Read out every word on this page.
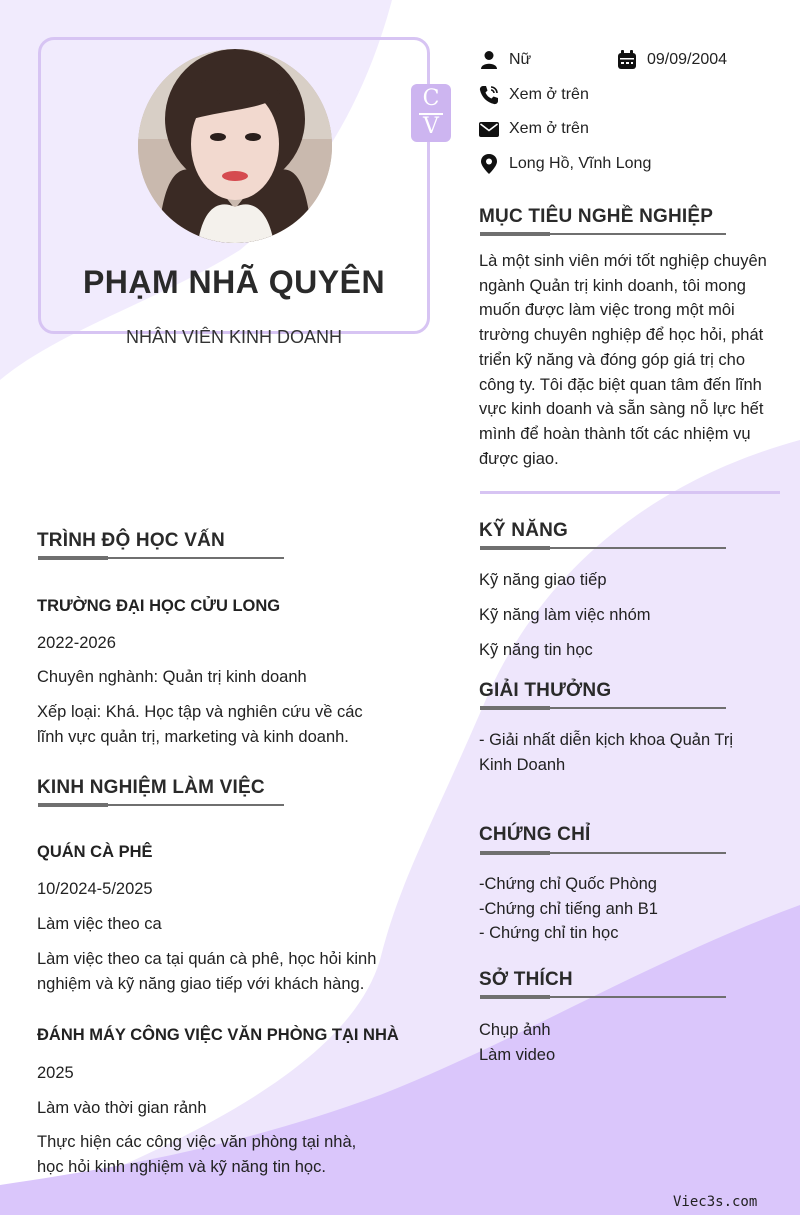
PHẠM NHÃ QUYÊN
NHÂN VIÊN KINH DOANH
C
V
Nữ	09/09/2004
Xem ở trên
Xem ở trên
Long Hồ, Vĩnh Long
MỤC TIÊU NGHỀ NGHIỆP
Là một sinh viên mới tốt nghiệp chuyên
ngành Quản trị kinh doanh, tôi mong
muốn được làm việc trong một môi
trường chuyên nghiệp để học hỏi, phát
triển kỹ năng và đóng góp giá trị cho
công ty. Tôi đặc biệt quan tâm đến lĩnh
vực kinh doanh và sẵn sàng nỗ lực hết
mình để hoàn thành tốt các nhiệm vụ
được giao.
KỸ NĂNG
Kỹ năng giao tiếp
Kỹ năng làm việc nhóm
Kỹ năng tin học
GIẢI THƯỞNG
- Giải nhất diễn kịch khoa Quản Trị
Kinh Doanh
CHỨNG CHỈ
-Chứng chỉ Quốc Phòng
-Chứng chỉ tiếng anh B1
- Chứng chỉ tin học
SỞ THÍCH
Chụp ảnh
Làm video
TRÌNH ĐỘ HỌC VẤN
TRƯỜNG ĐẠI HỌC CỬU LONG
2022-2026
Chuyên nghành: Quản trị kinh doanh
Xếp loại: Khá. Học tập và nghiên cứu về các
lĩnh vực quản trị, marketing và kinh doanh.
KINH NGHIỆM LÀM VIỆC
QUÁN CÀ PHÊ
10/2024-5/2025
Làm việc theo ca
Làm việc theo ca tại quán cà phê, học hỏi kinh
nghiệm và kỹ năng giao tiếp với khách hàng.
ĐÁNH MÁY CÔNG VIỆC VĂN PHÒNG TẠI NHÀ
2025
Làm vào thời gian rảnh
Thực hiện các công việc văn phòng tại nhà,
học hỏi kinh nghiệm và kỹ năng tin học.
Viec3s.com
